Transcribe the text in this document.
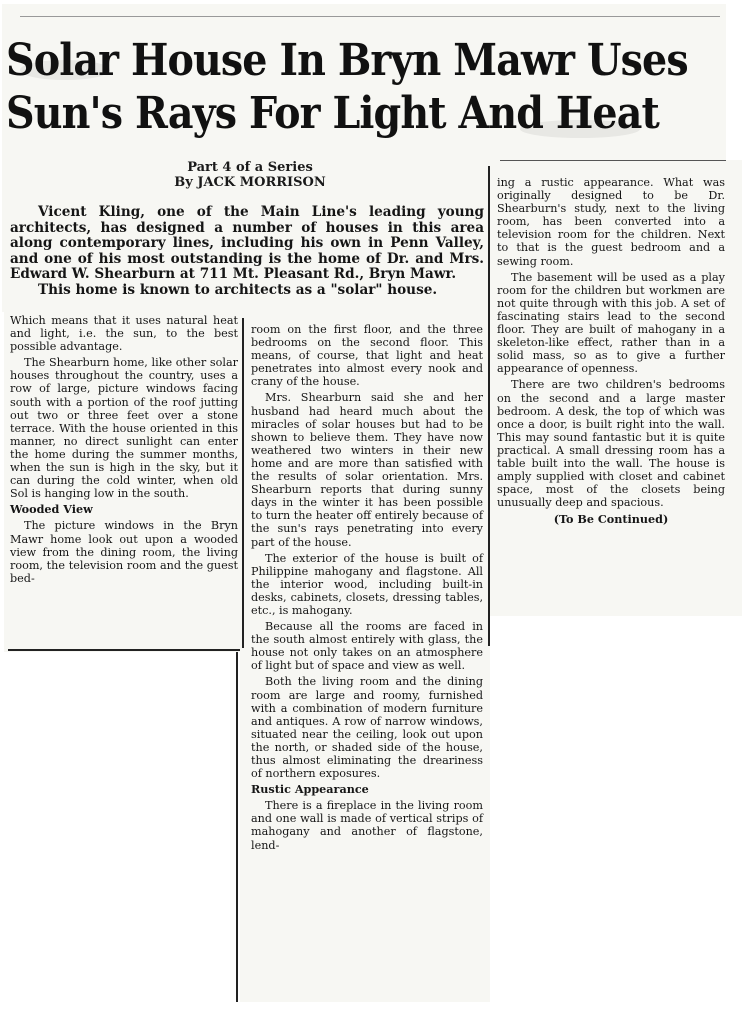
Solar House In Bryn Mawr Uses
Sun's Rays For Light And Heat
Part 4 of a Series
By JACK MORRISON

Vicent Kling, one of the Main Line's leading young architects, has designed a number of houses in this area along contemporary lines, including his own in Penn Valley, and one of his most outstanding is the home of Dr. and Mrs. Edward W. Shearburn at 711 Mt. Pleasant Rd., Bryn Mawr.

This home is known to architects as a "solar" house.

Which means that it uses natural heat and light, i.e. the sun, to the best possible advantage.

The Shearburn home, like other solar houses throughout the country, uses a row of large, picture windows facing south with a portion of the roof jutting out two or three feet over a stone terrace. With the house oriented in this manner, no direct sunlight can enter the home during the summer months, when the sun is high in the sky, but it can during the cold winter, when old Sol is hanging low in the south.

Wooded View

The picture windows in the Bryn Mawr home look out upon a wooded view from the dining room, the living room, the television room and the guest bed-

room on the first floor, and the three bedrooms on the second floor. This means, of course, that light and heat penetrates into almost every nook and crany of the house.

Mrs. Shearburn said she and her husband had heard much about the miracles of solar houses but had to be shown to believe them. They have now weathered two winters in their new home and are more than satisfied with the results of solar orientation. Mrs. Shearburn reports that during sunny days in the winter it has been possible to turn the heater off entirely because of the sun's rays penetrating into every part of the house.

The exterior of the house is built of Philippine mahogany and flagstone. All the interior wood, including built-in desks, cabinets, closets, dressing tables, etc., is mahogany.

Because all the rooms are faced in the south almost entirely with glass, the house not only takes on an atmosphere of light but of space and view as well.

Both the living room and the dining room are large and roomy, furnished with a combination of modern furniture and antiques. A row of narrow windows, situated near the ceiling, look out upon the north, or shaded side of the house, thus almost eliminating the dreariness of northern exposures.

Rustic Appearance

There is a fireplace in the living room and one wall is made of vertical strips of mahogany and another of flagstone, lend-

ing a rustic appearance. What was originally designed to be Dr. Shearburn's study, next to the living room, has been converted into a television room for the children. Next to that is the guest bedroom and a sewing room.

The basement will be used as a play room for the children but workmen are not quite through with this job. A set of fascinating stairs lead to the second floor. They are built of mahogany in a skeleton-like effect, rather than in a solid mass, so as to give a further appearance of openness.

There are two children's bedrooms on the second and a large master bedroom. A desk, the top of which was once a door, is built right into the wall. This may sound fantastic but it is quite practical. A small dressing room has a table built into the wall. The house is amply supplied with closet and cabinet space, most of the closets being unusually deep and spacious.

(To Be Continued)
